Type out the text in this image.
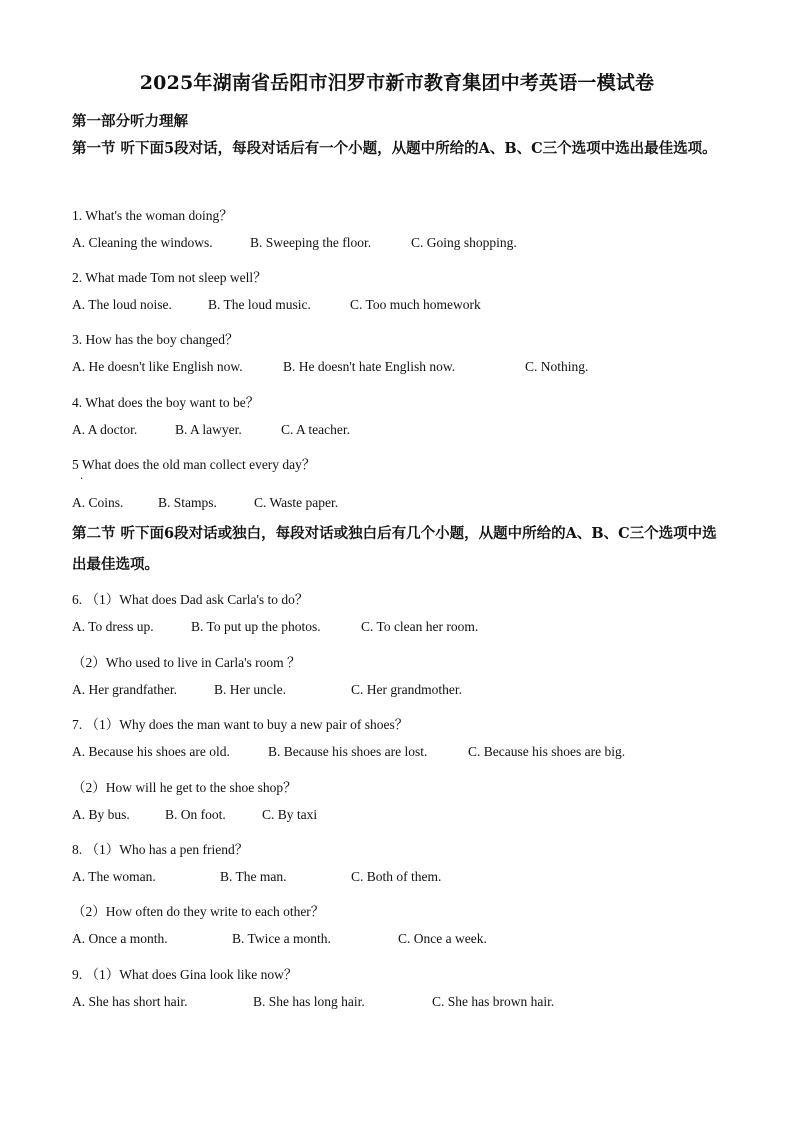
2025年湖南省岳阳市汨罗市新市教育集团中考英语一模试卷
第一部分听力理解
第一节 听下面5段对话，每段对话后有一个小题，从题中所给的A、B、C三个选项中选出最佳选项。
1. What's the woman doing？
A. Cleaning the windows.	B. Sweeping the floor.	C. Going shopping.
2. What made Tom not sleep well？
A. The loud noise.	B. The loud music.	C. Too much homework
3. How has the boy changed？
A. He doesn't like English now.	B. He doesn't hate English now.	C. Nothing.
4. What does the boy want to be？
A. A doctor.	B. A lawyer.	C. A teacher.
5 What does the old man collect every day？
·
A. Coins.	B. Stamps.	C. Waste paper.
第二节 听下面6段对话或独白，每段对话或独白后有几个小题，从题中所给的A、B、C三个选项中选出最佳选项。
6. （1）What does Dad ask Carla's to do？
A. To dress up.	B. To put up the photos.	C. To clean her room.
（2）Who used to live in Carla's room ？
A. Her grandfather.	B. Her uncle.	C. Her grandmother.
7. （1）Why does the man want to buy a new pair of shoes？
A. Because his shoes are old.	B. Because his shoes are lost.	C. Because his shoes are big.
（2）How will he get to the shoe shop？
A. By bus.	B. On foot.	C. By taxi
8. （1）Who has a pen friend？
A. The woman.	B. The man.	C. Both of them.
（2）How often do they write to each other？
A. Once a month.	B. Twice a month.	C. Once a week.
9. （1）What does Gina look like now？
A. She has short hair.	B. She has long hair.	C. She has brown hair.
